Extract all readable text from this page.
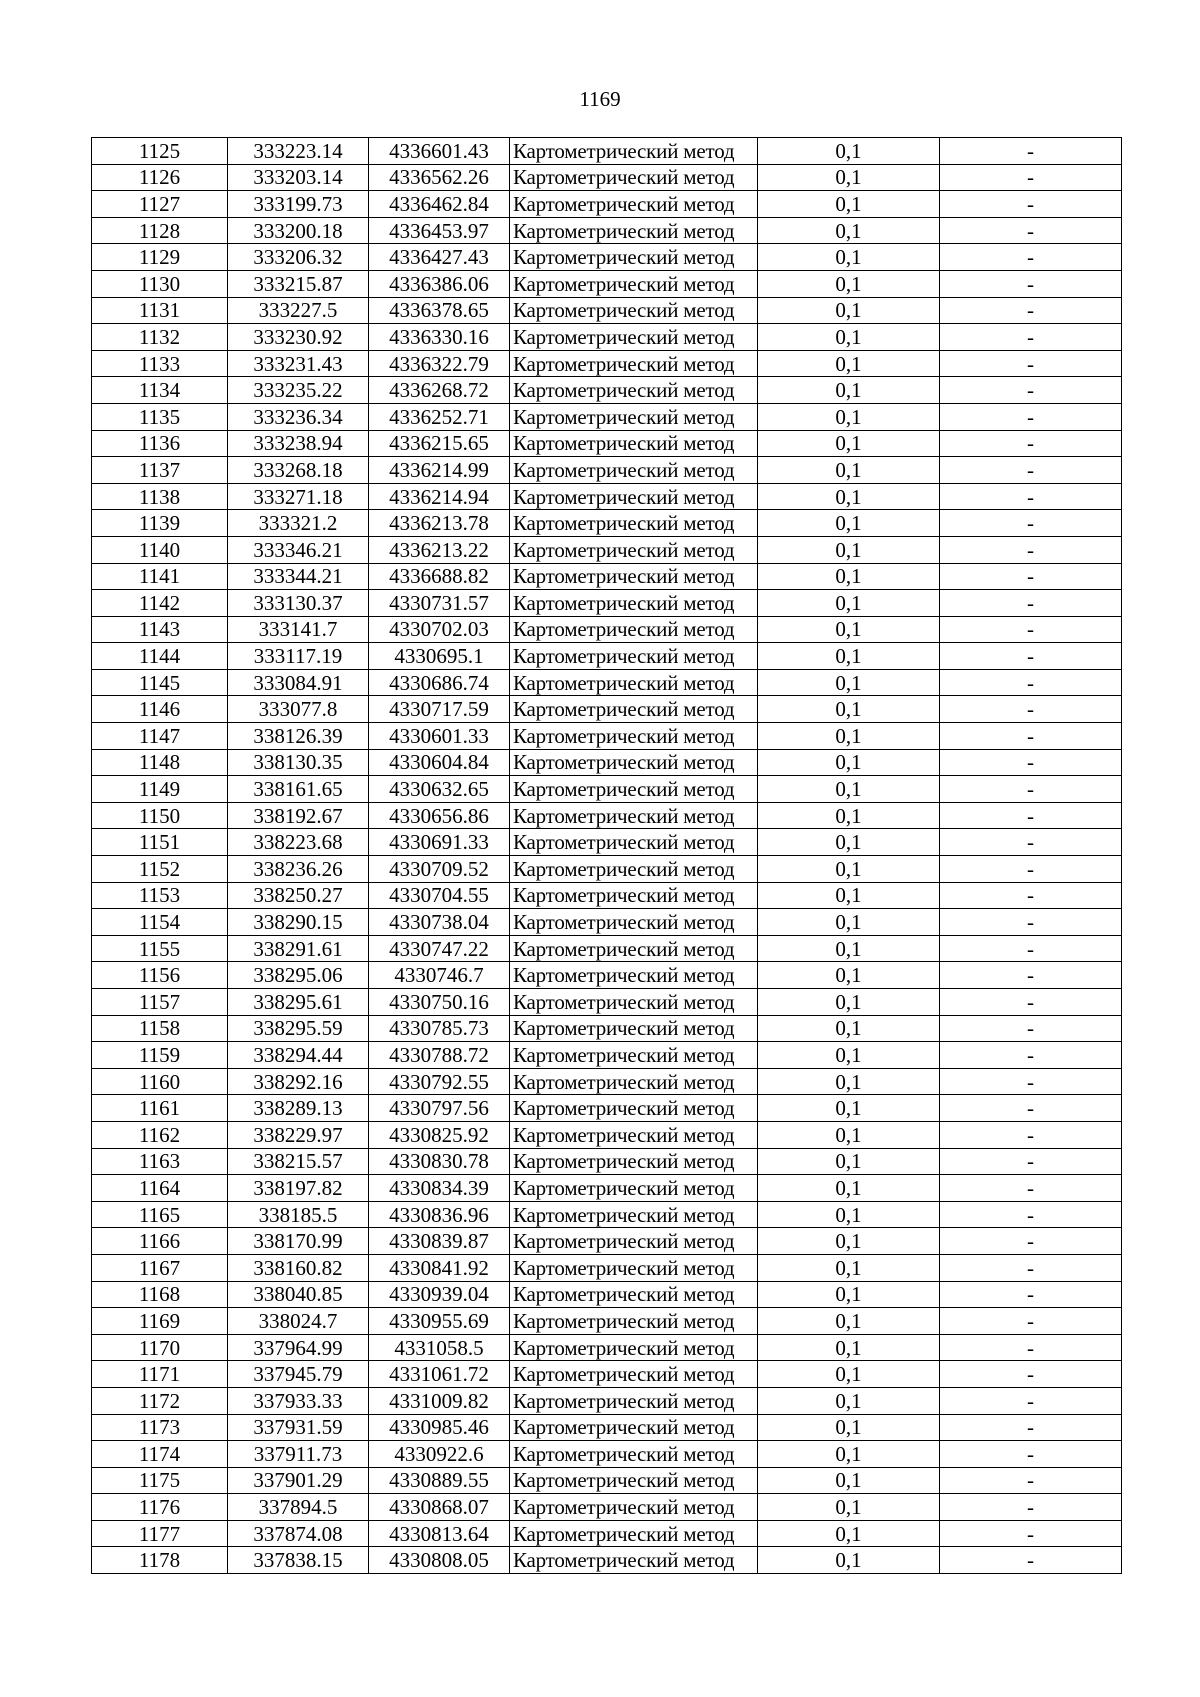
1169
1125	333223.14	4336601.43	Картометрический метод	0,1	-
1126	333203.14	4336562.26	Картометрический метод	0,1	-
1127	333199.73	4336462.84	Картометрический метод	0,1	-
1128	333200.18	4336453.97	Картометрический метод	0,1	-
1129	333206.32	4336427.43	Картометрический метод	0,1	-
1130	333215.87	4336386.06	Картометрический метод	0,1	-
1131	333227.5	4336378.65	Картометрический метод	0,1	-
1132	333230.92	4336330.16	Картометрический метод	0,1	-
1133	333231.43	4336322.79	Картометрический метод	0,1	-
1134	333235.22	4336268.72	Картометрический метод	0,1	-
1135	333236.34	4336252.71	Картометрический метод	0,1	-
1136	333238.94	4336215.65	Картометрический метод	0,1	-
1137	333268.18	4336214.99	Картометрический метод	0,1	-
1138	333271.18	4336214.94	Картометрический метод	0,1	-
1139	333321.2	4336213.78	Картометрический метод	0,1	-
1140	333346.21	4336213.22	Картометрический метод	0,1	-
1141	333344.21	4336688.82	Картометрический метод	0,1	-
1142	333130.37	4330731.57	Картометрический метод	0,1	-
1143	333141.7	4330702.03	Картометрический метод	0,1	-
1144	333117.19	4330695.1	Картометрический метод	0,1	-
1145	333084.91	4330686.74	Картометрический метод	0,1	-
1146	333077.8	4330717.59	Картометрический метод	0,1	-
1147	338126.39	4330601.33	Картометрический метод	0,1	-
1148	338130.35	4330604.84	Картометрический метод	0,1	-
1149	338161.65	4330632.65	Картометрический метод	0,1	-
1150	338192.67	4330656.86	Картометрический метод	0,1	-
1151	338223.68	4330691.33	Картометрический метод	0,1	-
1152	338236.26	4330709.52	Картометрический метод	0,1	-
1153	338250.27	4330704.55	Картометрический метод	0,1	-
1154	338290.15	4330738.04	Картометрический метод	0,1	-
1155	338291.61	4330747.22	Картометрический метод	0,1	-
1156	338295.06	4330746.7	Картометрический метод	0,1	-
1157	338295.61	4330750.16	Картометрический метод	0,1	-
1158	338295.59	4330785.73	Картометрический метод	0,1	-
1159	338294.44	4330788.72	Картометрический метод	0,1	-
1160	338292.16	4330792.55	Картометрический метод	0,1	-
1161	338289.13	4330797.56	Картометрический метод	0,1	-
1162	338229.97	4330825.92	Картометрический метод	0,1	-
1163	338215.57	4330830.78	Картометрический метод	0,1	-
1164	338197.82	4330834.39	Картометрический метод	0,1	-
1165	338185.5	4330836.96	Картометрический метод	0,1	-
1166	338170.99	4330839.87	Картометрический метод	0,1	-
1167	338160.82	4330841.92	Картометрический метод	0,1	-
1168	338040.85	4330939.04	Картометрический метод	0,1	-
1169	338024.7	4330955.69	Картометрический метод	0,1	-
1170	337964.99	4331058.5	Картометрический метод	0,1	-
1171	337945.79	4331061.72	Картометрический метод	0,1	-
1172	337933.33	4331009.82	Картометрический метод	0,1	-
1173	337931.59	4330985.46	Картометрический метод	0,1	-
1174	337911.73	4330922.6	Картометрический метод	0,1	-
1175	337901.29	4330889.55	Картометрический метод	0,1	-
1176	337894.5	4330868.07	Картометрический метод	0,1	-
1177	337874.08	4330813.64	Картометрический метод	0,1	-
1178	337838.15	4330808.05	Картометрический метод	0,1	-
